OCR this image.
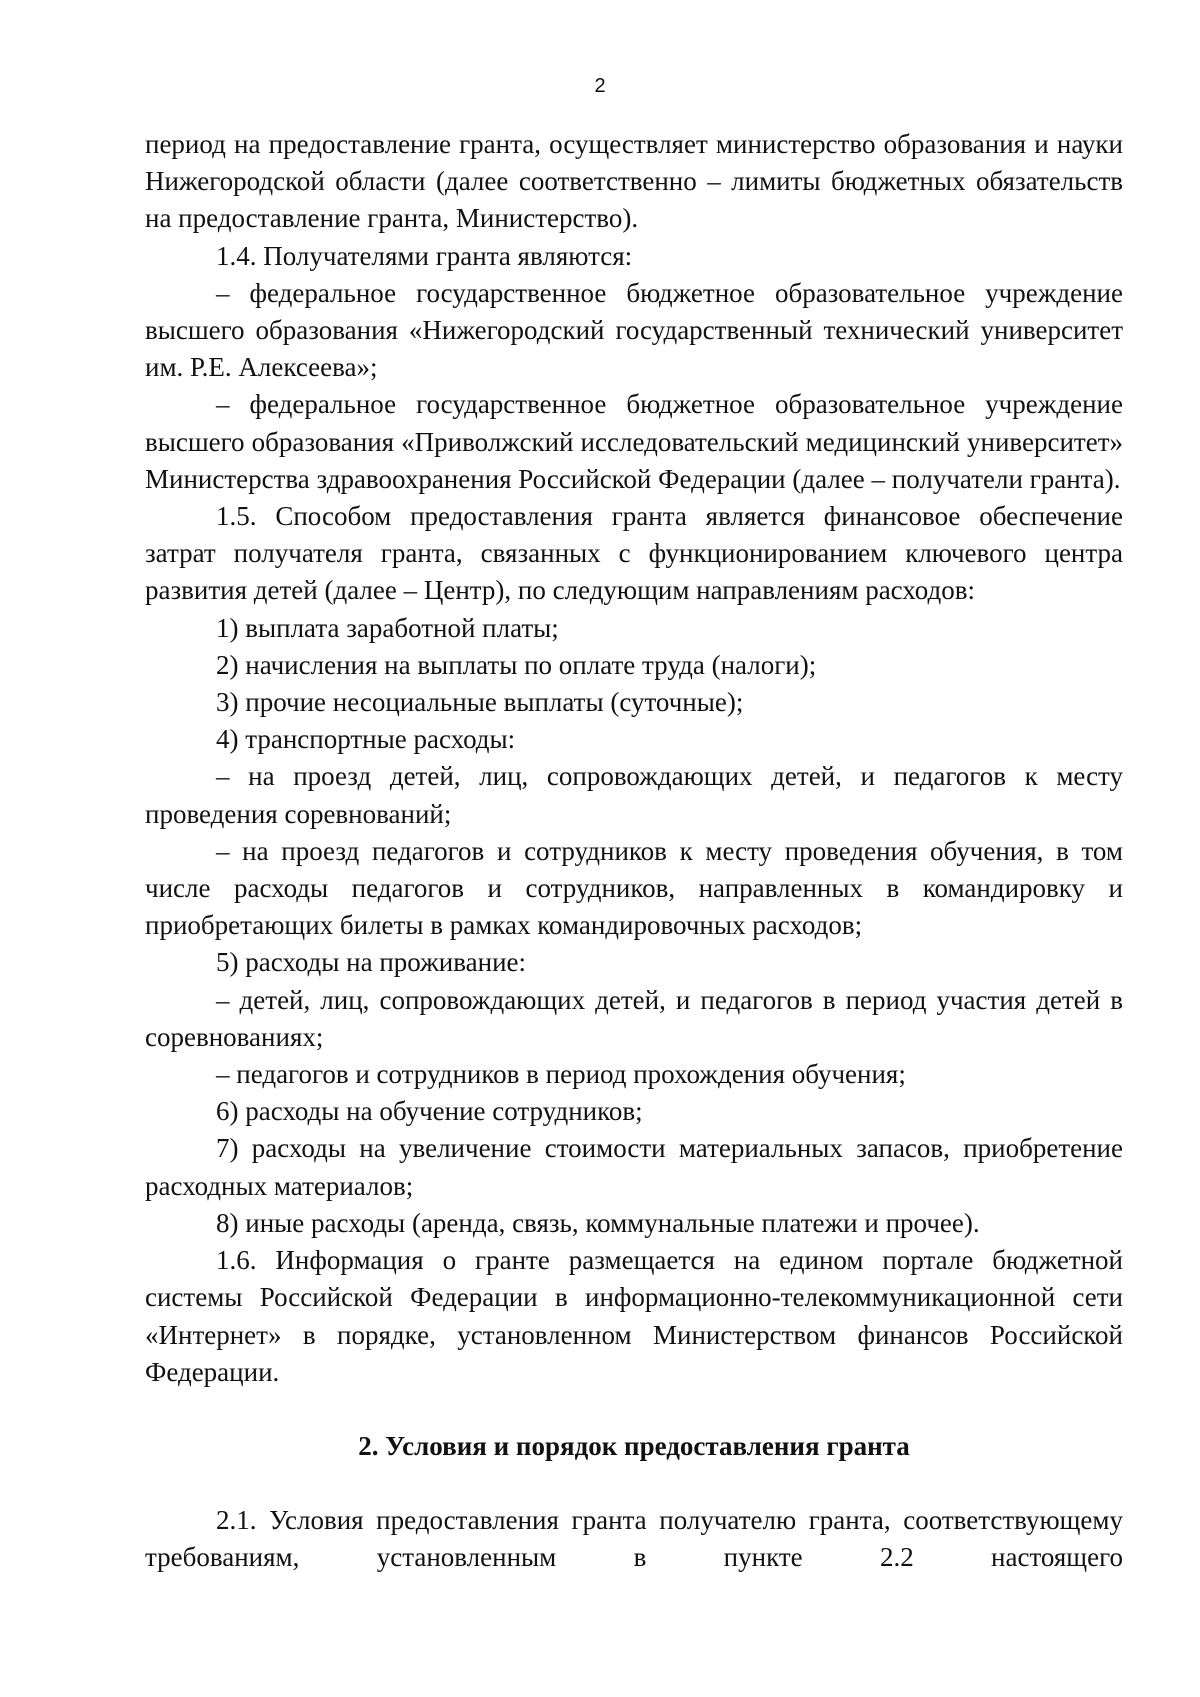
2

период на предоставление гранта, осуществляет министерство образования и науки Нижегородской области (далее соответственно – лимиты бюджетных обязательств на предоставление гранта, Министерство).

1.4. Получателями гранта являются:

– федеральное государственное бюджетное образовательное учреждение высшего образования «Нижегородский государственный технический университет им. Р.Е. Алексеева»;

– федеральное государственное бюджетное образовательное учреждение высшего образования «Приволжский исследовательский медицинский университет» Министерства здравоохранения Российской Федерации (далее – получатели гранта).

1.5. Способом предоставления гранта является финансовое обеспечение затрат получателя гранта, связанных с функционированием ключевого центра развития детей (далее – Центр), по следующим направлениям расходов:

1) выплата заработной платы;

2) начисления на выплаты по оплате труда (налоги);

3) прочие несоциальные выплаты (суточные);

4) транспортные расходы:

– на проезд детей, лиц, сопровождающих детей, и педагогов к месту проведения соревнований;

– на проезд педагогов и сотрудников к месту проведения обучения, в том числе расходы педагогов и сотрудников, направленных в командировку и приобретающих билеты в рамках командировочных расходов;

5) расходы на проживание:

– детей, лиц, сопровождающих детей, и педагогов в период участия детей в соревнованиях;

– педагогов и сотрудников в период прохождения обучения;

6) расходы на обучение сотрудников;

7) расходы на увеличение стоимости материальных запасов, приобретение расходных материалов;

8) иные расходы (аренда, связь, коммунальные платежи и прочее).

1.6. Информация о гранте размещается на едином портале бюджетной системы Российской Федерации в информационно-телекоммуникационной сети «Интернет» в порядке, установленном Министерством финансов Российской Федерации.

2. Условия и порядок предоставления гранта

2.1. Условия предоставления гранта получателю гранта, соответствующему требованиям, установленным в пункте 2.2 настоящего
